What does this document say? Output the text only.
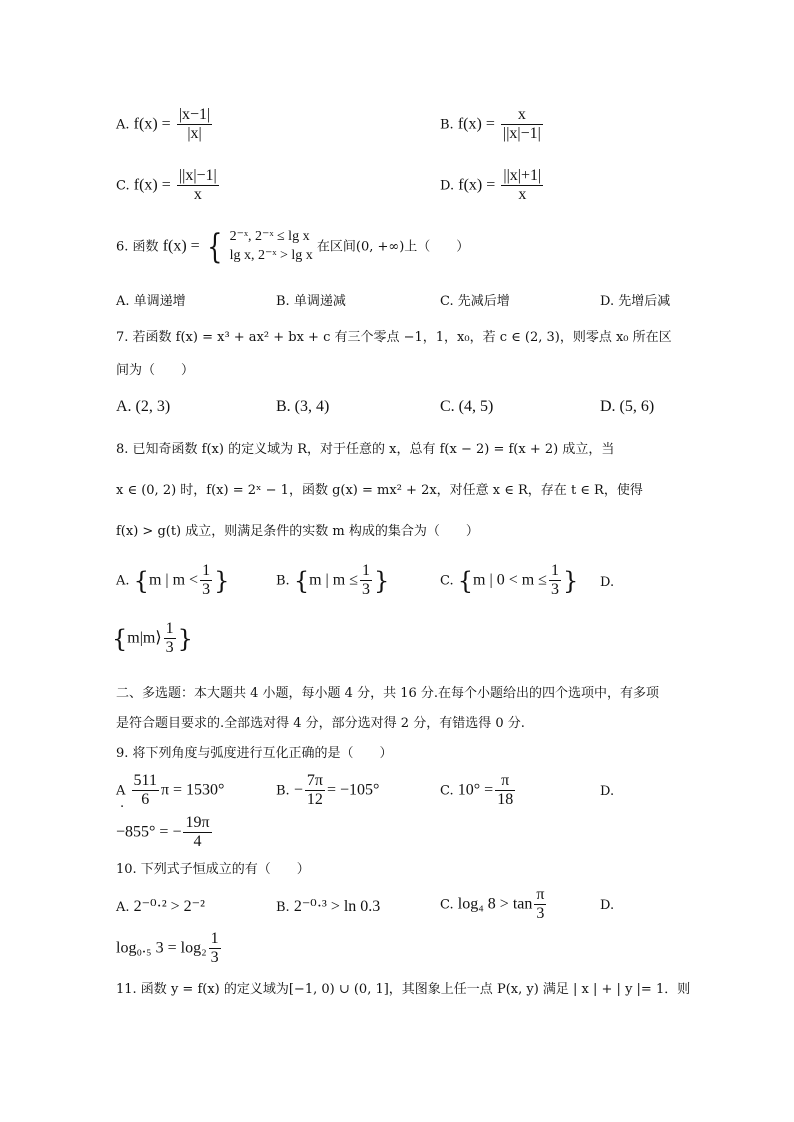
A. $f(x) = \frac{|x-1|}{|x|}$	B. $f(x) = \frac{x}{||x|-1|}$
C. $f(x) = \frac{||x|-1|}{x}$	D. $f(x) = \frac{||x|+1|}{x}$
6. 函数 f(x) = { 2⁻ˣ, 2⁻ˣ ≤ lg x
lg x, 2⁻ˣ > lg x
在区间(0, +∞)上（　　）
A. 单调递增	B. 单调递减	C. 先减后增	D. 先增后减
7. 若函数 f(x) = x³ + ax² + bx + c 有三个零点 −1，1，x₀，若 c ∈ (2, 3)，则零点 x₀ 所在区
间为（　　）
A. (2, 3)	B. (3, 4)	C. (4, 5)	D. (5, 6)
8. 已知奇函数 f(x) 的定义域为 R，对于任意的 x，总有 f(x − 2) = f(x + 2) 成立，当
x ∈ (0, 2) 时，f(x) = 2ˣ − 1，函数 g(x) = mx² + 2x，对任意 x ∈ R，存在 t ∈ R，使得
f(x) > g(t) 成立，则满足条件的实数 m 构成的集合为（　　）
A. {m | $m < \frac{1}{3}$ }	B. {m | $m \le \frac{1}{3}$ }	C. {m | $0 < m \le \frac{1}{3}$ } D.
{m|m⟩ $\frac{1}{3}$ }
二、多选题：本大题共 4 小题，每小题 4 分，共 16 分.在每个小题给出的四个选项中，有多项
是符合题目要求的.全部选对得 4 分，部分选对得 2 分，有错选得 0 分.
9. 将下列角度与弧度进行互化正确的是（　　）
A $\frac{511}{6}$ π = 1530°
.
B. − $\frac{7\pi}{12} = -105^\circ$	C. $10^\circ = \frac{\pi}{18}$	D.
−855° = − $\frac{19\pi}{4}$
10. 下列式子恒成立的有（　　）
A. 2⁻⁰·² > 2⁻²	B. 2⁻⁰·³ > ln 0.3	C. log₄ $8 > \tan \frac{\pi}{3}$	D.
log₀.₅ $3 = \log_2 \frac{1}{3}$
11. 函数 y = f(x) 的定义域为[−1, 0) ∪ (0, 1]，其图象上任一点 P(x, y) 满足 | x | + | y |= 1．则
